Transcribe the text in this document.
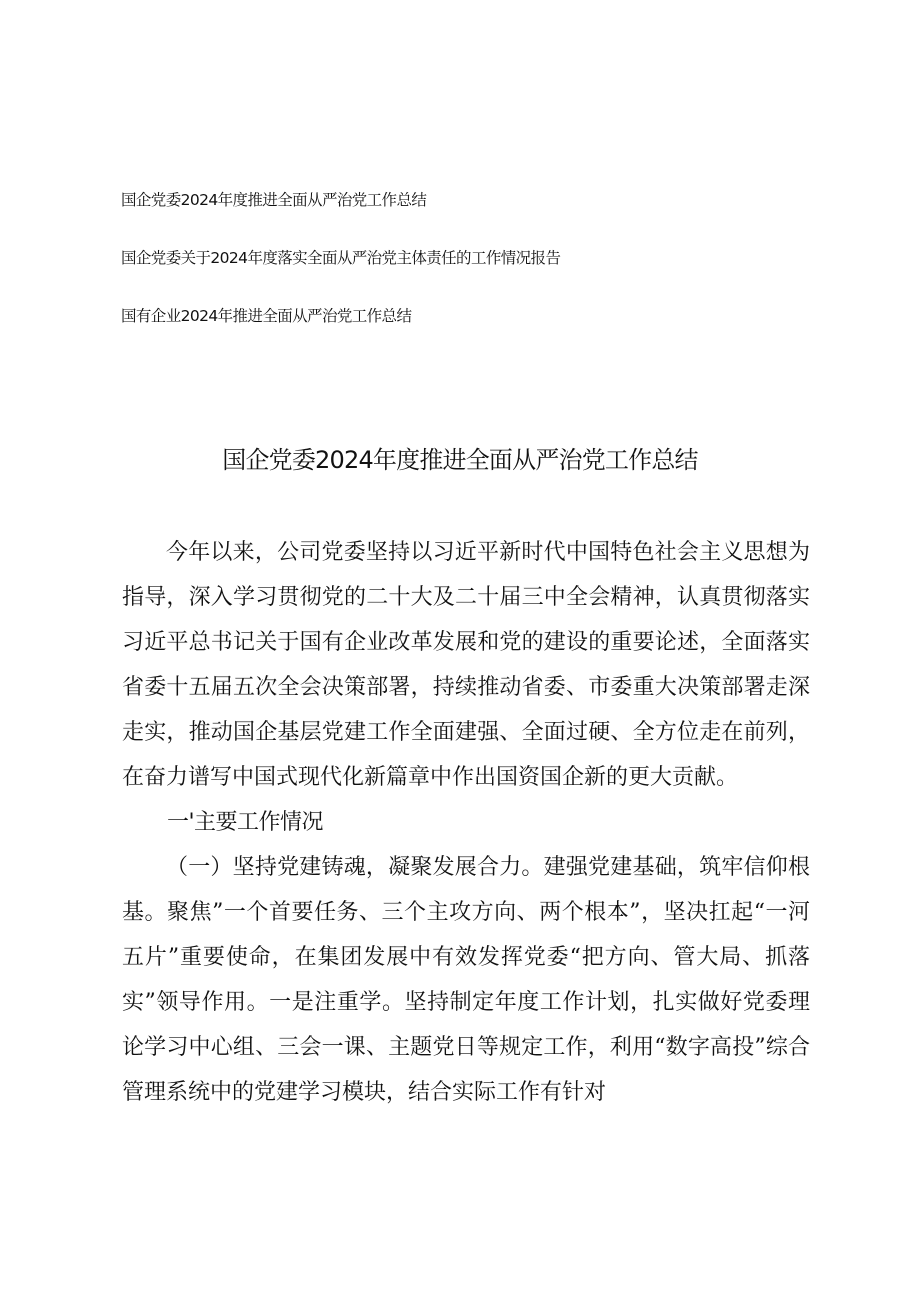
国企党委2024年度推进全面从严治党工作总结
国企党委关于2024年度落实全面从严治党主体责任的工作情况报告
国有企业2024年推进全面从严治党工作总结
国企党委2024年度推进全面从严治党工作总结

今年以来，公司党委坚持以习近平新时代中国特色社会主义思想为指导，深入学习贯彻党的二十大及二十届三中全会精神，认真贯彻落实习近平总书记关于国有企业改革发展和党的建设的重要论述，全面落实省委十五届五次全会决策部署，持续推动省委、市委重大决策部署走深走实，推动国企基层党建工作全面建强、全面过硬、全方位走在前列，在奋力谱写中国式现代化新篇章中作出国资国企新的更大贡献。

一'主要工作情况

（一）坚持党建铸魂，凝聚发展合力。建强党建基础，筑牢信仰根基。聚焦”一个首要任务、三个主攻方向、两个根本”，坚决扛起“一河五片”重要使命，在集团发展中有效发挥党委“把方向、管大局、抓落实”领导作用。一是注重学。坚持制定年度工作计划，扎实做好党委理论学习中心组、三会一课、主题党日等规定工作，利用“数字高投”综合管理系统中的党建学习模块，结合实际工作有针对
